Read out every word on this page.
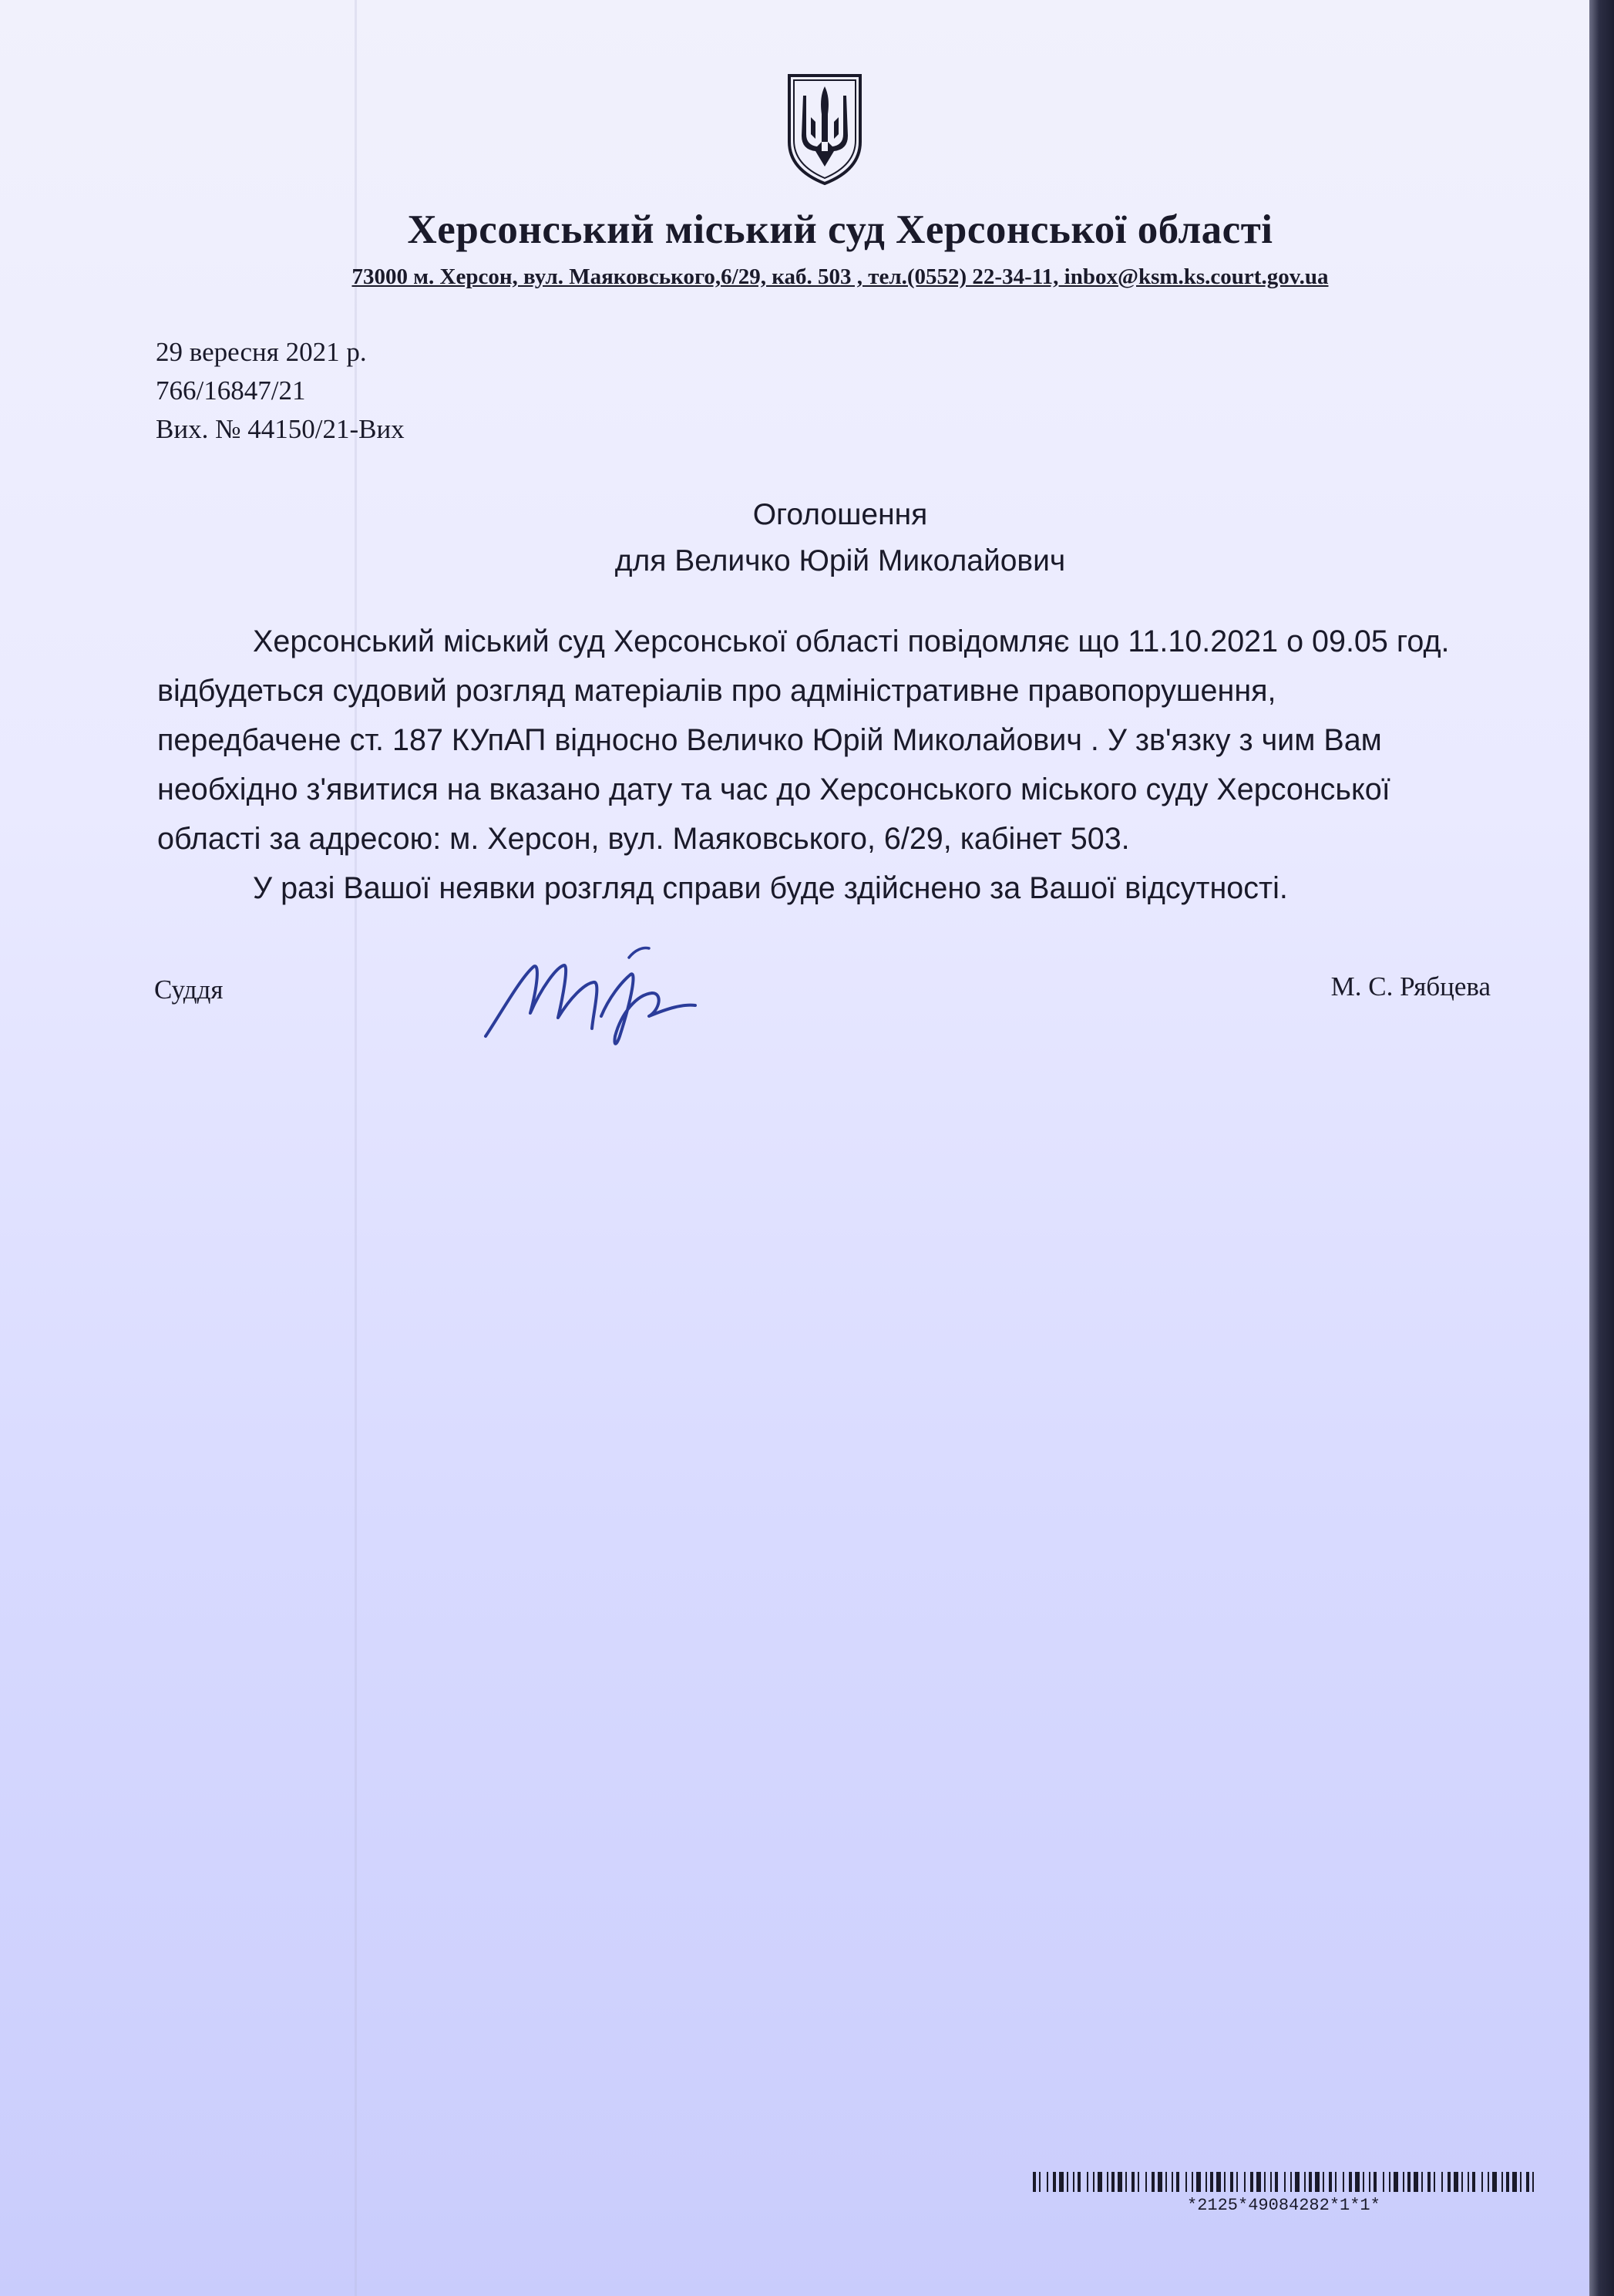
Херсонський міський суд Херсонської області
73000 м. Херсон, вул. Маяковського,6/29, каб. 503 , тел.(0552) 22-34-11, inbox@ksm.ks.court.gov.ua
29 вересня 2021 р.
766/16847/21
Вих. № 44150/21-Вих
Оголошення
для Величко Юрій Миколайович

Херсонський міський суд Херсонської області повідомляє що 11.10.2021 о 09.05 год. відбудеться судовий розгляд матеріалів про адміністративне правопорушення, передбачене ст. 187 КУпАП відносно Величко Юрій Миколайович . У зв'язку з чим Вам необхідно з'явитися на вказано дату та час до Херсонського міського суду Херсонської області за адресою: м. Херсон, вул. Маяковського, 6/29, кабінет 503.

У разі Вашої неявки розгляд справи буде здійснено за Вашої відсутності.

Суддя	М. С. Рябцева
*2125*49084282*1*1*
